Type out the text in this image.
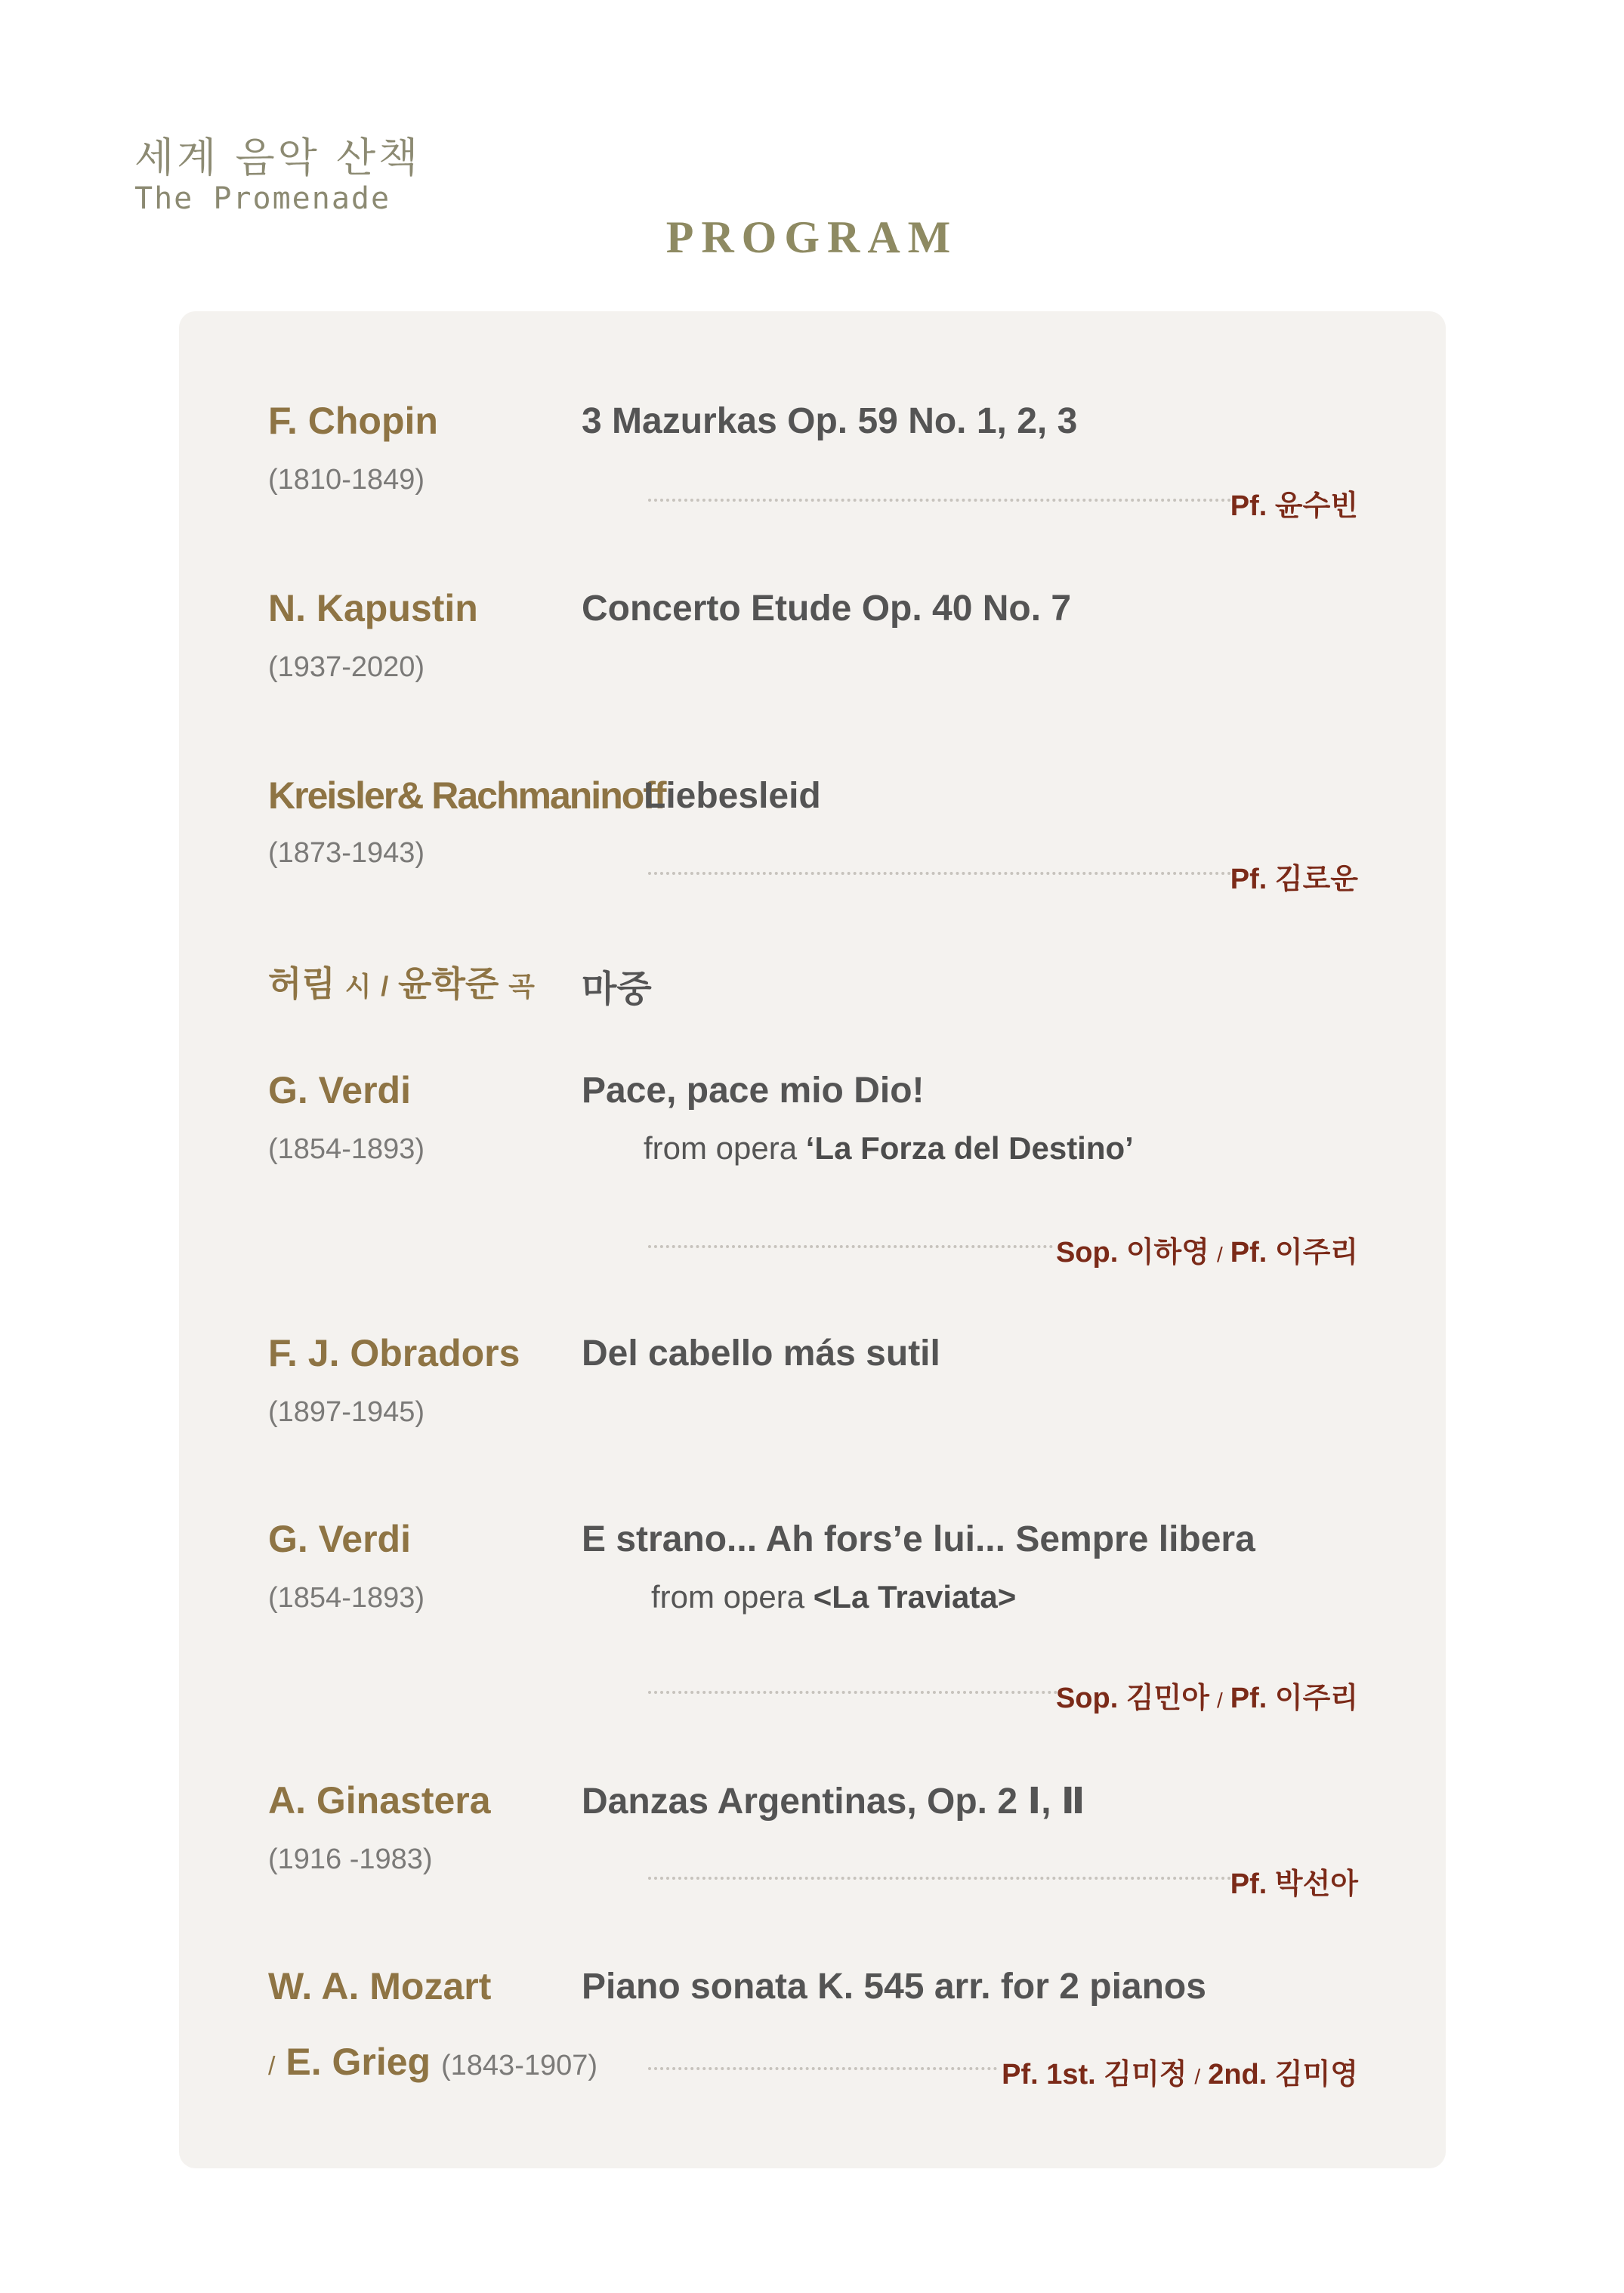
세계 음악 산책
The Promenade
PROGRAM
F. Chopin
(1810-1849)
3 Mazurkas Op. 59 No. 1, 2, 3
Pf. 윤수빈
N. Kapustin
(1937-2020)
Concerto Etude Op. 40 No. 7
Kreisler& Rachmaninoff
(1873-1943)
Liebesleid
Pf. 김로운
허림 시 / 윤학준 곡 마중
G. Verdi
(1854-1893)
Pace, pace mio Dio!
from opera ‘La Forza del Destino’
Sop. 이하영 / Pf. 이주리
F. J. Obradors
(1897-1945)
Del cabello más sutil
G. Verdi
(1854-1893)
E strano... Ah fors’e lui... Sempre libera
from opera <La Traviata>
Sop. 김민아 / Pf. 이주리
A. Ginastera
(1916 -1983)
Danzas Argentinas, Op. 2 Ⅰ, Ⅱ
Pf. 박선아
W. A. Mozart
/ E. Grieg (1843-1907)
Piano sonata K. 545 arr. for 2 pianos
Pf. 1st. 김미정 / 2nd. 김미영
